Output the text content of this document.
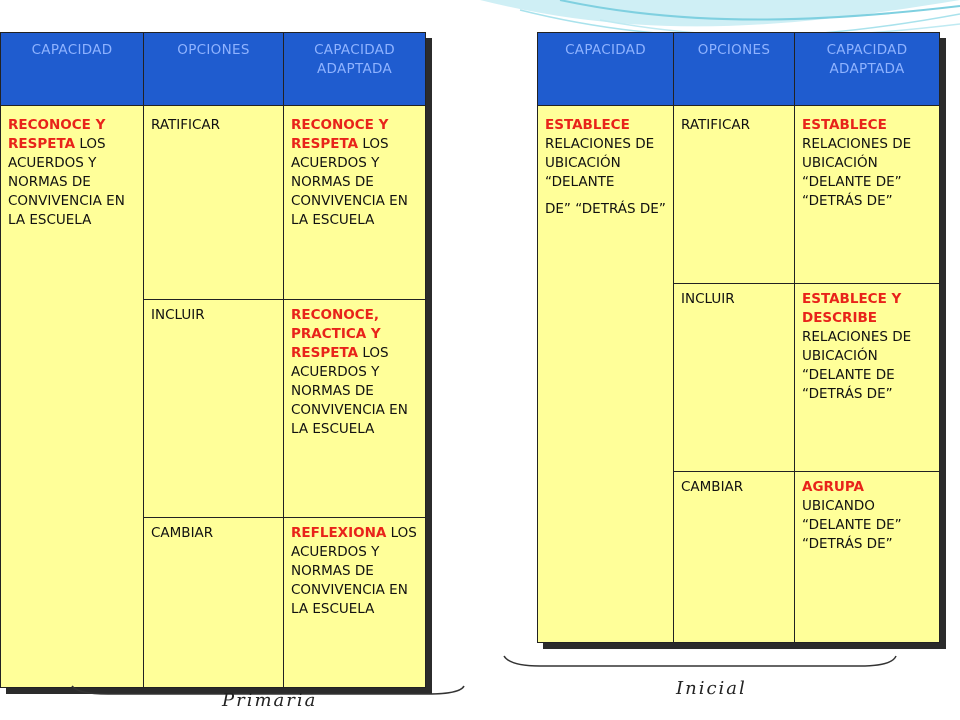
CAPACIDAD	OPCIONES	CAPACIDAD ADAPTADA
RECONOCE Y RESPETA LOS ACUERDOS Y NORMAS DE CONVIVENCIA EN LA ESCUELA	RATIFICAR	RECONOCE Y RESPETA LOS ACUERDOS Y NORMAS DE CONVIVENCIA EN LA ESCUELA
	INCLUIR	RECONOCE, PRACTICA Y RESPETA LOS ACUERDOS Y NORMAS DE CONVIVENCIA EN LA ESCUELA
	CAMBIAR	REFLEXIONA LOS ACUERDOS Y NORMAS DE CONVIVENCIA EN LA ESCUELA
CAPACIDAD	OPCIONES	CAPACIDAD ADAPTADA
ESTABLECE RELACIONES DE UBICACIÓN “DELANTE
DE” “DETRÁS DE”	RATIFICAR	ESTABLECE RELACIONES DE UBICACIÓN “DELANTE DE” “DETRÁS DE”
	INCLUIR	ESTABLECE Y DESCRIBE RELACIONES DE UBICACIÓN “DELANTE DE “DETRÁS DE”
	CAMBIAR	AGRUPA UBICANDO “DELANTE DE” “DETRÁS DE”
Inicial
Primaria
